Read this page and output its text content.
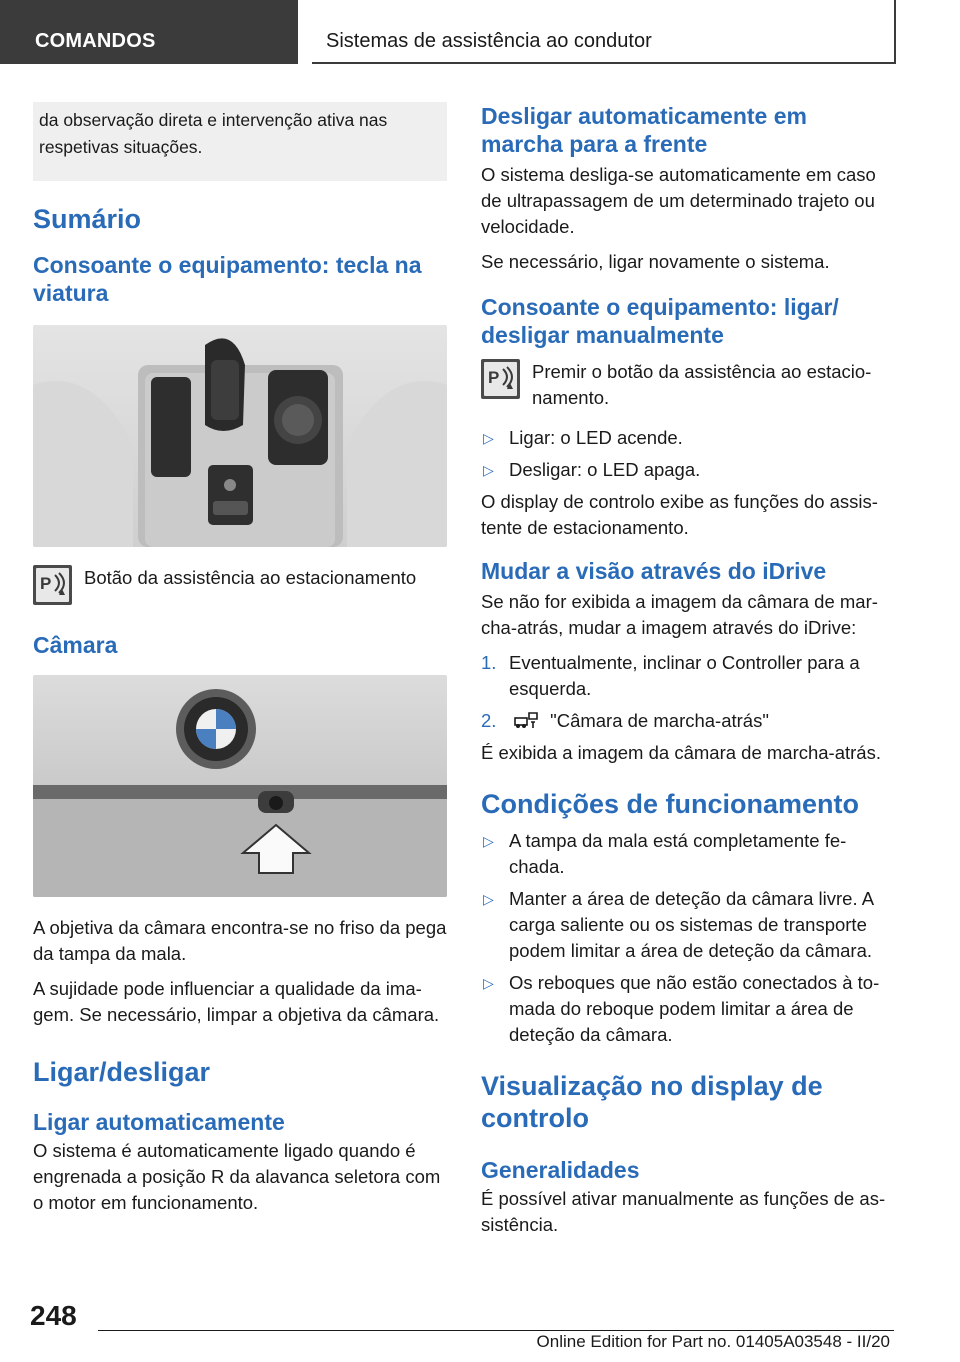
COMANDOS	Sistemas de assistência ao condutor
da observação direta e intervenção ativa nas respetivas situações.
Sumário
Consoante o equipamento: tecla na viatura
P Botão da assistência ao estacionamento

Câmara

A objetiva da câmara encontra-se no friso da pega da tampa da mala.

A sujidade pode influenciar a qualidade da ima-gem. Se necessário, limpar a objetiva da câmara.

Ligar/desligar
Ligar automaticamente

O sistema é automaticamente ligado quando é engrenada a posição R da alavanca seletora com o motor em funcionamento.

Desligar automaticamente em marcha para a frente

O sistema desliga-se automaticamente em caso de ultrapassagem de um determinado trajeto ou velocidade.

Se necessário, ligar novamente o sistema.

Consoante o equipamento: ligar/ desligar manualmente
P Premir o botão da assistência ao estacio-namento.

▷ Ligar: o LED acende.
▷ Desligar: o LED apaga.

O display de controlo exibe as funções do assis-tente de estacionamento.

Mudar a visão através do iDrive

Se não for exibida a imagem da câmara de mar-cha-atrás, mudar a imagem através do iDrive:

1. Eventualmente, inclinar o Controller para a esquerda.
2.	"Câmara de marcha-atrás"

É exibida a imagem da câmara de marcha-atrás.

Condições de funcionamento
▷ A tampa da mala está completamente fe-chada.
▷ Manter a área de deteção da câmara livre. A carga saliente ou os sistemas de transporte podem limitar a área de deteção da câmara.
▷ Os reboques que não estão conectados à to-mada do reboque podem limitar a área de deteção da câmara.
Visualização no display de controlo
Generalidades

É possível ativar manualmente as funções de as-sistência.

248
Online Edition for Part no. 01405A03548 - II/20
